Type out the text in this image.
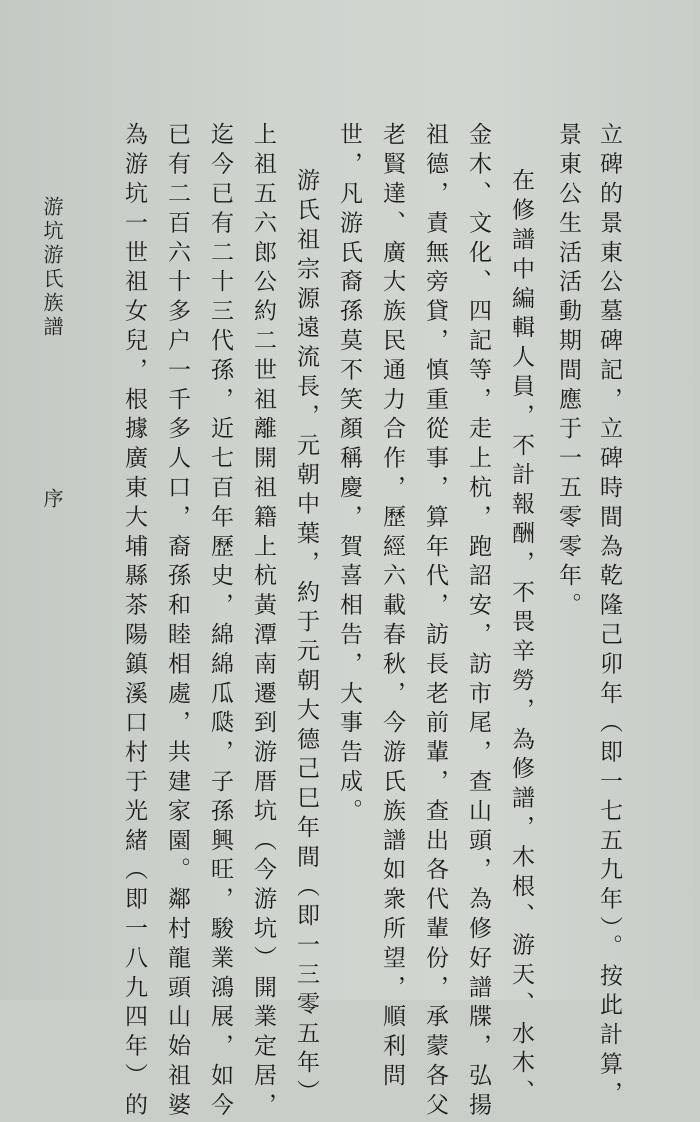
游坑游氏族譜
序	立碑的景東公墓碑記，立碑時間為乾隆己卯年（即一七五九年）。按此計算，
景東公生活活動期間應于一五零零年。
在修譜中編輯人員，不計報酬，不畏辛勞，為修譜，木根、游天、水木、
金木、文化、四記等，走上杭，跑詔安，訪市尾，查山頭，為修好譜牒，弘揚
祖德，責無旁貸，慎重從事，算年代，訪長老前輩，查出各代輩份，承蒙各父
老賢達、廣大族民通力合作，歷經六載春秋，今游氏族譜如衆所望，順利問
世，凡游氏裔孫莫不笑顏稱慶，賀喜相告，大事告成。
游氏祖宗源遠流長，元朝中葉，約于元朝大德己巳年間（即一三零五年）
上祖五六郎公約二世祖離開祖籍上杭黃潭南遷到游厝坑（今游坑）開業定居，
迄今已有二十三代孫，近七百年歷史，綿綿瓜瓞，子孫興旺，駿業鴻展，如今
已有二百六十多户一千多人口，裔孫和睦相處，共建家園。鄰村龍頭山始祖婆
為游坑一世祖女兒，根據廣東大埔縣茶陽鎮溪口村于光緒（即一八九四年）的
